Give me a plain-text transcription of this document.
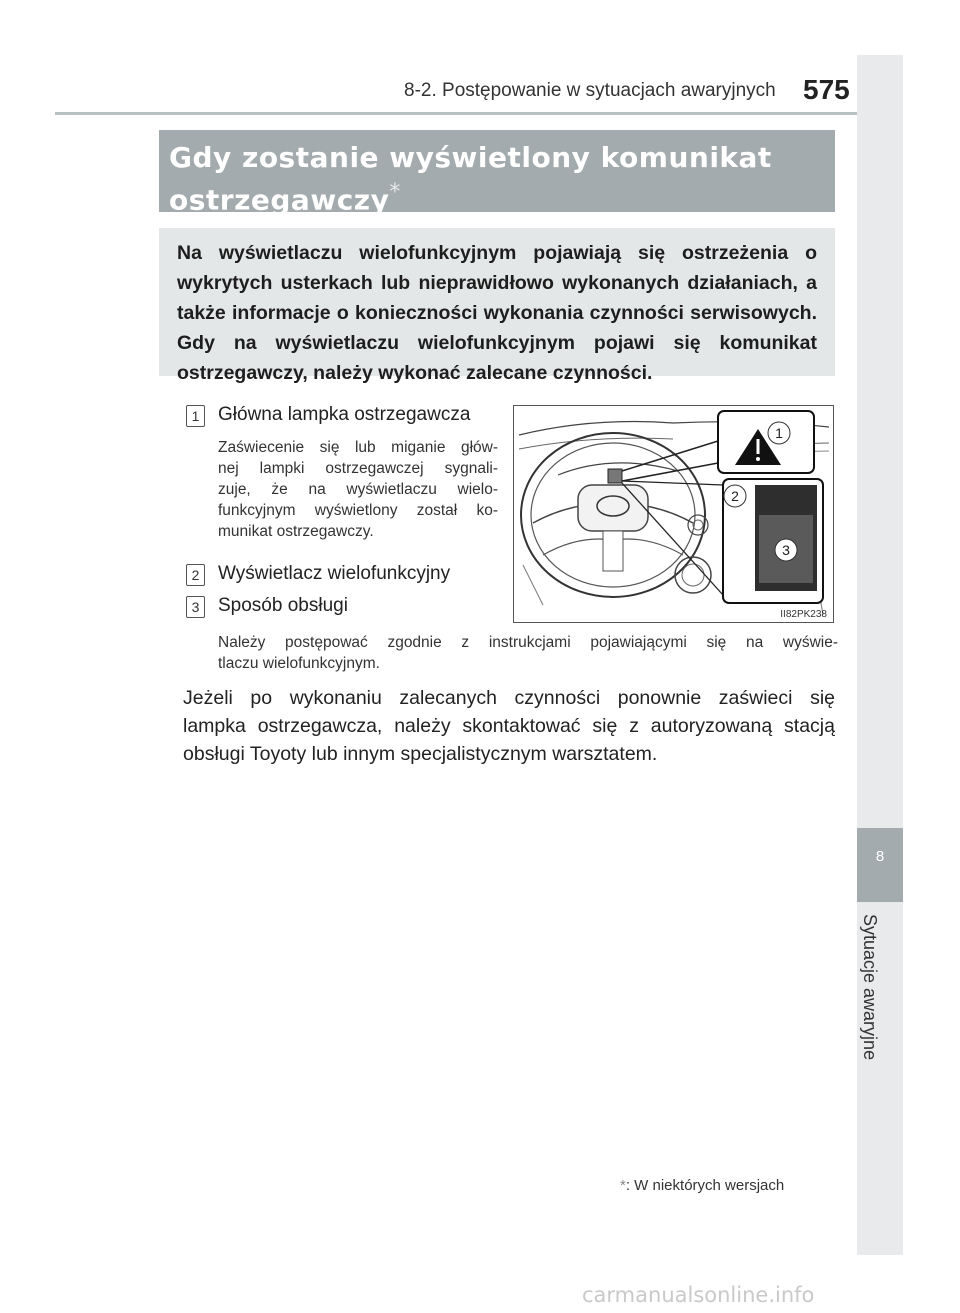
8-2. Postępowanie w sytuacjach awaryjnych 575
8
Sytuacje awaryjne
Gdy zostanie wyświetlony komunikat
ostrzegawczy*
Na wyświetlaczu wielofunkcyjnym pojawiają się ostrzeżenia o wykrytych usterkach lub nieprawidłowo wykonanych działaniach, a także informacje o konieczności wykonania czynności serwisowych. Gdy na wyświetlaczu wielofunkcyjnym pojawi się komunikat ostrzegawczy, należy wykonać zalecane czynności.
1 Główna lampka ostrzegawcza
Zaświecenie się lub miganie głów-
nej lampki ostrzegawczej sygnali-
zuje, że na wyświetlaczu wielo-
funkcyjnym wyświetlony został ko-
munikat ostrzegawczy.
2 Wyświetlacz wielofunkcyjny
3 Sposób obsługi
Należy postępować zgodnie z instrukcjami pojawiającymi się na wyświe-
tlaczu wielofunkcyjnym.
Jeżeli po wykonaniu zalecanych czynności ponownie zaświeci się
lampka ostrzegawcza, należy skontaktować się z autoryzowaną stacją
obsługi Toyoty lub innym specjalistycznym warsztatem.
1
2
3
II82PK238
*: W niektórych wersjach
carmanualsonline.info
